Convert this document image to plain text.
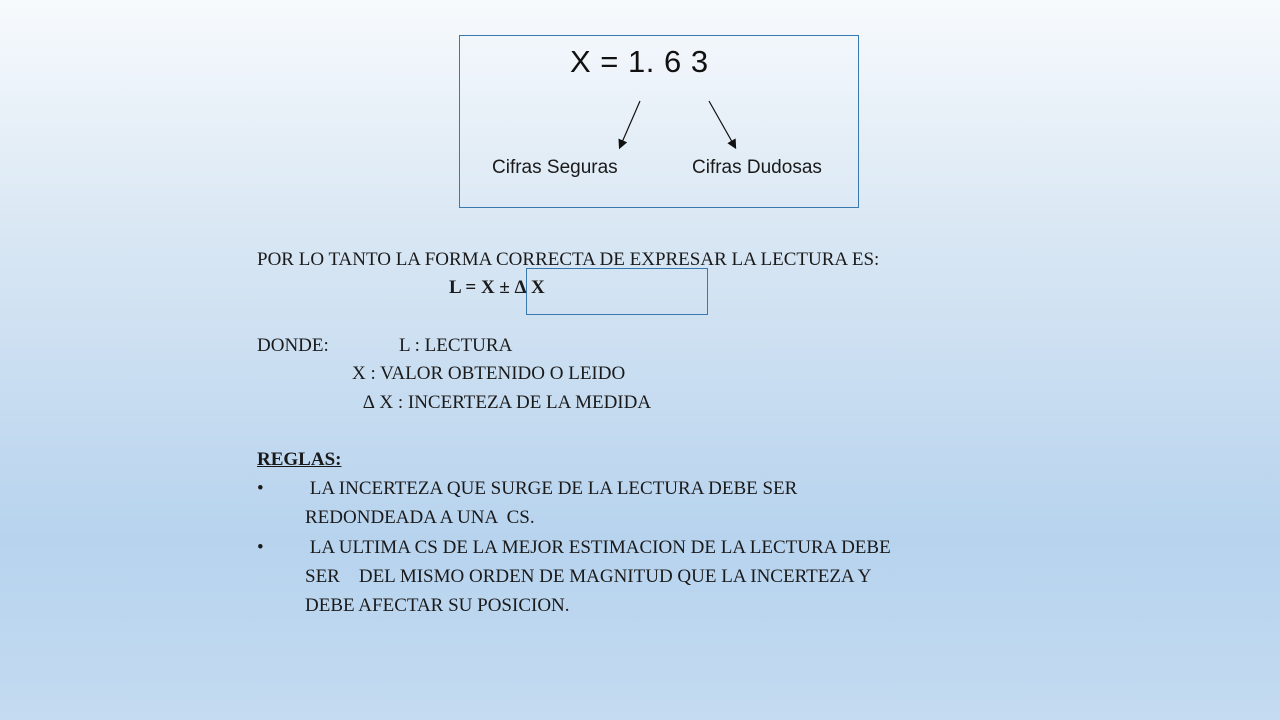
X = 1. 6 3
Cifras Seguras	Cifras Dudosas
POR LO TANTO LA FORMA CORRECTA DE EXPRESAR LA LECTURA ES:
L = X ± ∆ X
DONDE:	L : LECTURA
X : VALOR OBTENIDO O LEIDO
∆ X : INCERTEZA DE LA MEDIDA
REGLAS:
• LA INCERTEZA QUE SURGE DE LA LECTURA DEBE SER
REDONDEADA A UNA  CS.
• LA ULTIMA CS DE LA MEJOR ESTIMACION DE LA LECTURA DEBE
SER    DEL MISMO ORDEN DE MAGNITUD QUE LA INCERTEZA Y
DEBE AFECTAR SU POSICION.
